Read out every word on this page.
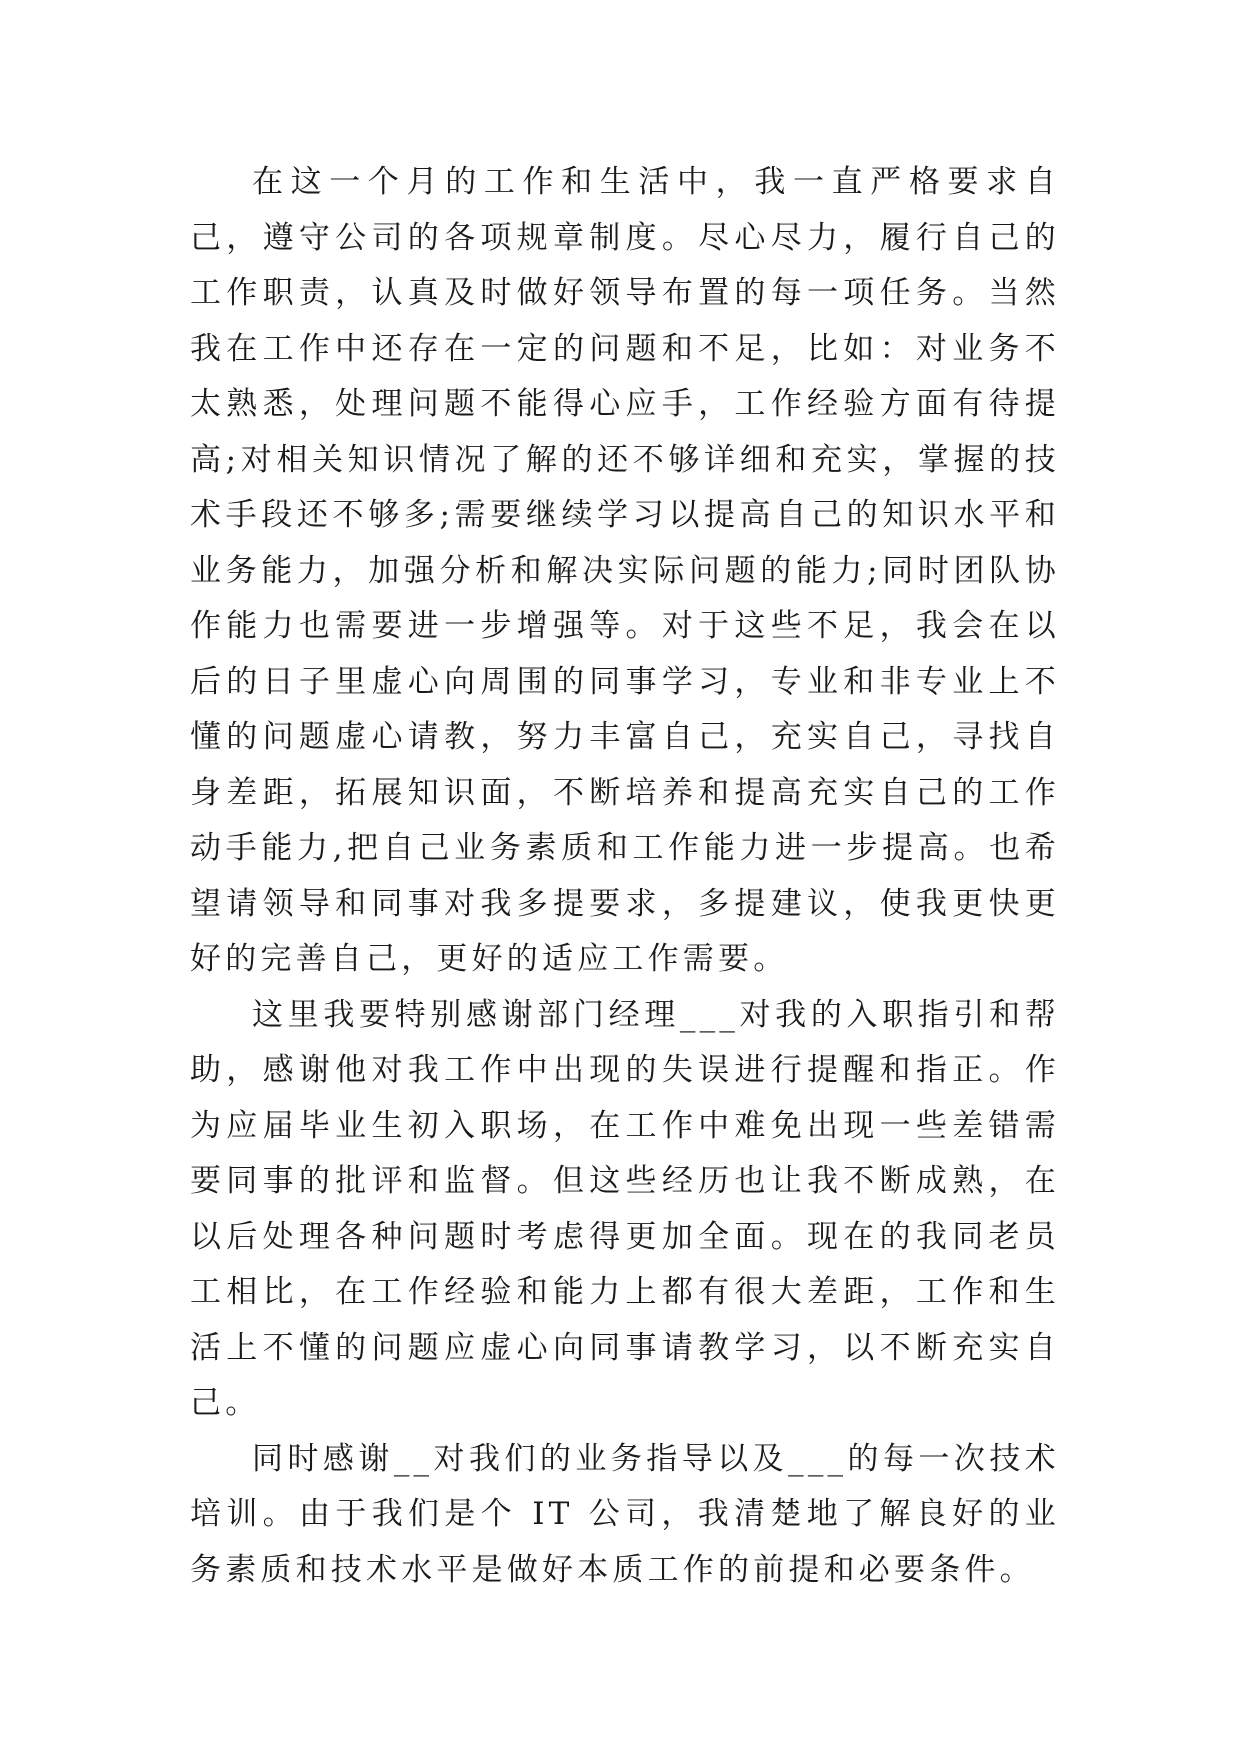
在这一个月的工作和生活中，我一直严格要求自己，遵守公司的各项规章制度。尽心尽力，履行自己的工作职责，认真及时做好领导布置的每一项任务。当然我在工作中还存在一定的问题和不足，比如：对业务不太熟悉，处理问题不能得心应手，工作经验方面有待提高;对相关知识情况了解的还不够详细和充实，掌握的技术手段还不够多;需要继续学习以提高自己的知识水平和业务能力，加强分析和解决实际问题的能力;同时团队协作能力也需要进一步增强等。对于这些不足，我会在以后的日子里虚心向周围的同事学习，专业和非专业上不懂的问题虚心请教，努力丰富自己，充实自己，寻找自身差距，拓展知识面，不断培养和提高充实自己的工作动手能力,把自己业务素质和工作能力进一步提高。也希望请领导和同事对我多提要求，多提建议，使我更快更好的完善自己，更好的适应工作需要。

这里我要特别感谢部门经理___对我的入职指引和帮助，感谢他对我工作中出现的失误进行提醒和指正。作为应届毕业生初入职场，在工作中难免出现一些差错需要同事的批评和监督。但这些经历也让我不断成熟，在以后处理各种问题时考虑得更加全面。现在的我同老员工相比，在工作经验和能力上都有很大差距，工作和生活上不懂的问题应虚心向同事请教学习，以不断充实自己。

同时感谢__对我们的业务指导以及___的每一次技术培训。由于我们是个 IT 公司，我清楚地了解良好的业务素质和技术水平是做好本质工作的前提和必要条件。
